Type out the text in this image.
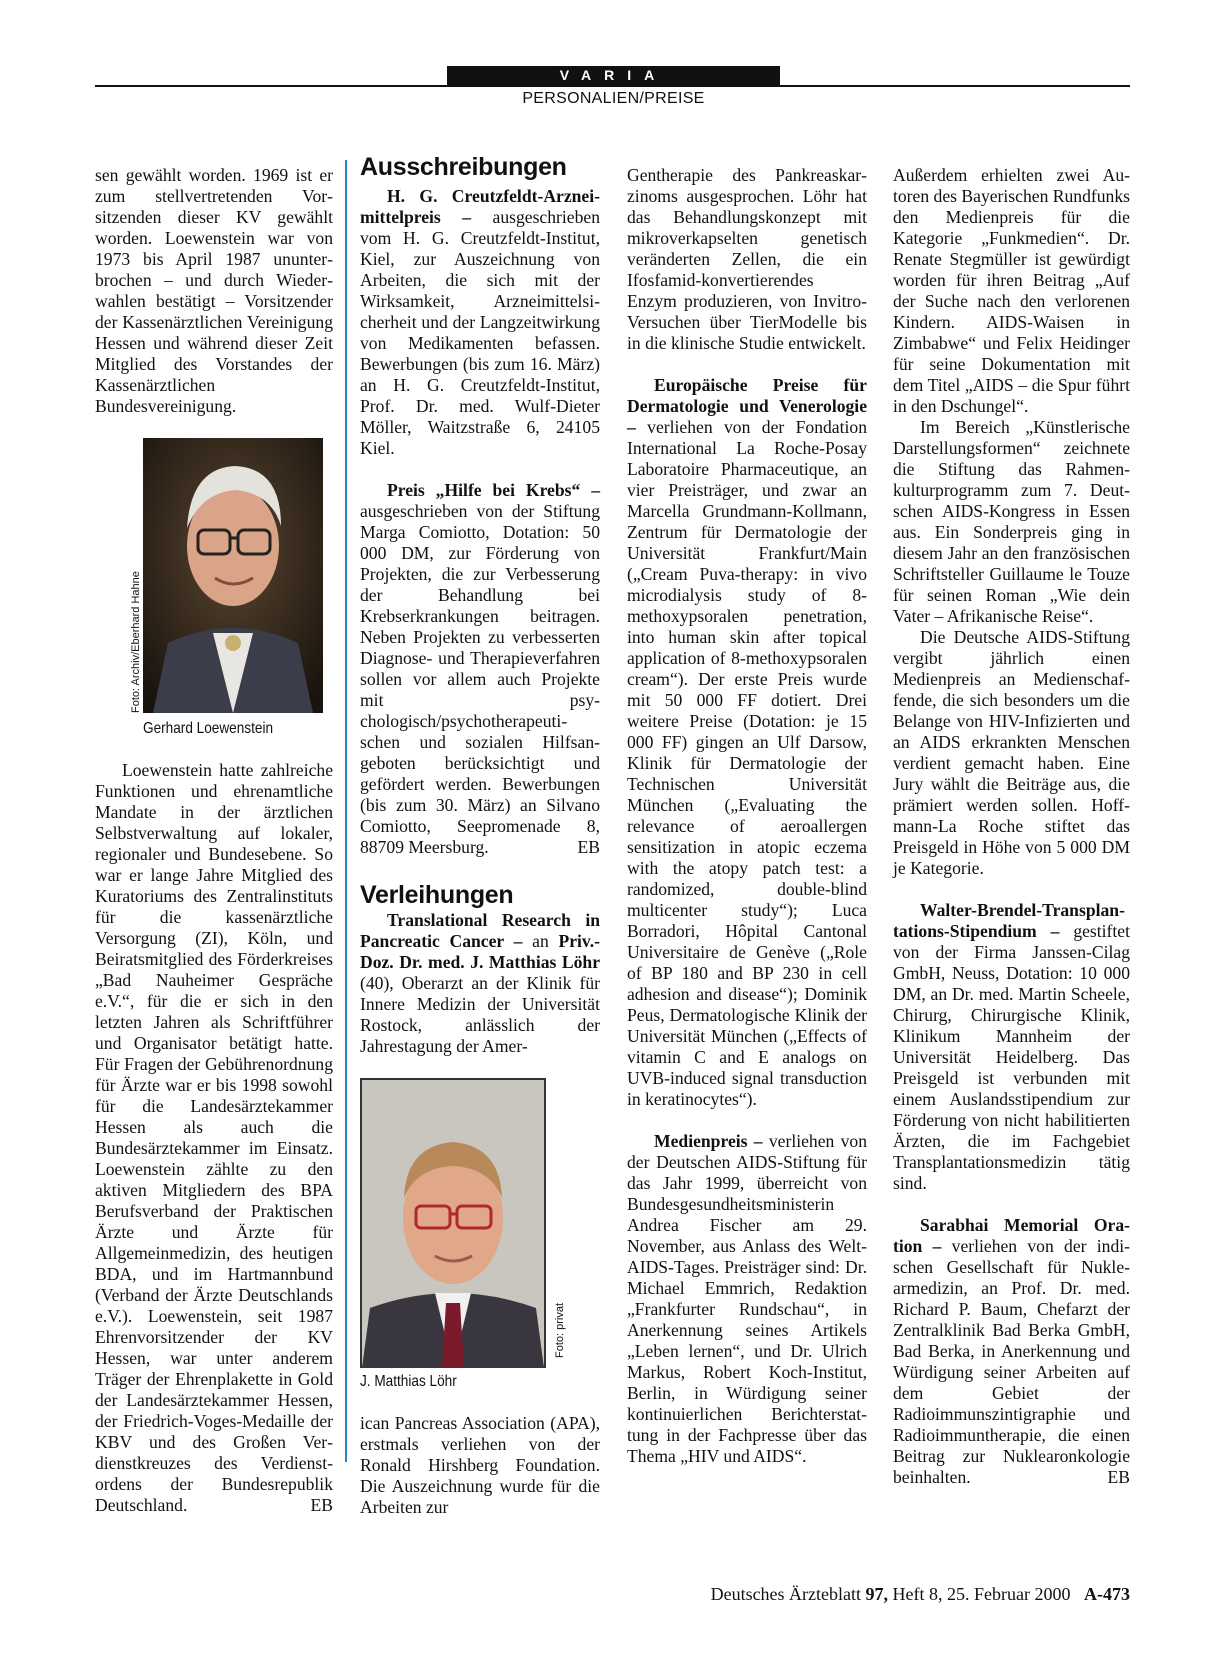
VARIA
PERSONALIEN/PREISE

sen gewählt worden. 1969 ist er zum stellvertretenden Vorsitzenden dieser KV gewählt worden. Loewenstein war von 1973 bis April 1987 ununterbrochen – und durch Wiederwahlen bestätigt – Vorsitzender der Kassenärztlichen Vereinigung Hessen und während dieser Zeit Mitglied des Vorstandes der Kassenärztlichen Bundesvereinigung.

Foto: Archiv/Eberhard Hahne
Gerhard Loewenstein

Loewenstein hatte zahlreiche Funktionen und ehrenamtliche Mandate in der ärztlichen Selbstverwaltung auf lokaler, regionaler und Bundesebene. So war er lange Jahre Mitglied des Kuratoriums des Zentralinstituts für die kassenärztliche Versorgung (ZI), Köln, und Beiratsmitglied des Förderkreises „Bad Nauheimer Gespräche e.V.“, für die er sich in den letzten Jahren als Schriftführer und Organisator betätigt hatte. Für Fragen der Gebührenordnung für Ärzte war er bis 1998 sowohl für die Landesärztekammer Hessen als auch die Bundesärztekammer im Einsatz. Loewenstein zählte zu den aktiven Mitgliedern des BPA Berufsverband der Praktischen Ärzte und Ärzte für Allgemeinmedizin, des heutigen BDA, und im Hartmannbund (Verband der Ärzte Deutschlands e.V.). Loewenstein, seit 1987 Ehrenvorsitzender der KV Hessen, war unter anderem Träger der Ehrenplakette in Gold der Landesärztekammer Hessen, der Friedrich-Voges-Medaille der KBV und des Großen Verdienstkreuzes des Verdienstordens der Bundesrepublik Deutschland.	EB

Ausschreibungen

H. G. Creutzfeldt-Arzneimittelpreis – ausgeschrieben vom H. G. Creutzfeldt-Institut, Kiel, zur Auszeichnung von Arbeiten, die sich mit der Wirksamkeit, Arzneimittelsicherheit und der Langzeitwirkung von Medikamenten befassen. Bewerbungen (bis zum 16. März) an H. G. Creutzfeldt-Institut, Prof. Dr. med. Wulf-Dieter Möller, Waitzstraße 6, 24105 Kiel.

Preis „Hilfe bei Krebs“ – ausgeschrieben von der Stiftung Marga Comiotto, Dotation: 50 000 DM, zur Förderung von Projekten, die zur Verbesserung der Behandlung bei Krebserkrankungen beitragen. Neben Projekten zu verbesserten Diagnose- und Therapieverfahren sollen vor allem auch Projekte mit psychologisch/psychotherapeutischen und sozialen Hilfsangeboten berücksichtigt und gefördert werden. Bewerbungen (bis zum 30. März) an Silvano Comiotto, Seepromenade 8, 88709 Meersburg.	EB

Verleihungen

Translational Research in Pancreatic Cancer – an Priv.-Doz. Dr. med. J. Matthias Löhr (40), Oberarzt an der Klinik für Innere Medizin der Universität Rostock, anlässlich der Jahrestagung der Amer-

Foto: privat
J. Matthias Löhr

ican Pancreas Association (APA), erstmals verliehen von der Ronald Hirshberg Foundation. Die Auszeichnung wurde für die Arbeiten zur

Gentherapie des Pankreaskarzinoms ausgesprochen. Löhr hat das Behandlungskonzept mit mikroverkapselten genetisch veränderten Zellen, die ein Ifosfamid-konvertierendes Enzym produzieren, von Invitro-Versuchen über TierModelle bis in die klinische Studie entwickelt.

Europäische Preise für Dermatologie und Venerologie – verliehen von der Fondation International La Roche-Posay Laboratoire Pharmaceutique, an vier Preisträger, und zwar an Marcella Grundmann-Kollmann, Zentrum für Dermatologie der Universität Frankfurt/Main („Cream Puva-therapy: in vivo microdialysis study of 8-methoxypsoralen penetration, into human skin after topical application of 8-methoxypsoralen cream“). Der erste Preis wurde mit 50 000 FF dotiert. Drei weitere Preise (Dotation: je 15 000 FF) gingen an Ulf Darsow, Klinik für Dermatologie der Technischen Universität München („Evaluating the relevance of aeroallergen sensitization in atopic eczema with the atopy patch test: a randomized, double-blind multicenter study“); Luca Borradori, Hôpital Cantonal Universitaire de Genève („Role of BP 180 and BP 230 in cell adhesion and disease“); Dominik Peus, Dermatologische Klinik der Universität München („Effects of vitamin C and E analogs on UVB-induced signal transduction in keratinocytes“).

Medienpreis – verliehen von der Deutschen AIDS-Stiftung für das Jahr 1999, überreicht von Bundesgesundheitsministerin Andrea Fischer am 29. November, aus Anlass des Welt-AIDS-Tages. Preisträger sind: Dr. Michael Emmrich, Redaktion „Frankfurter Rundschau“, in Anerkennung seines Artikels „Leben lernen“, und Dr. Ulrich Markus, Robert Koch-Institut, Berlin, in Würdigung seiner kontinuierlichen Berichterstattung in der Fachpresse über das Thema „HIV und AIDS“.

Außerdem erhielten zwei Autoren des Bayerischen Rundfunks den Medienpreis für die Kategorie „Funkmedien“. Dr. Renate Stegmüller ist gewürdigt worden für ihren Beitrag „Auf der Suche nach den verlorenen Kindern. AIDS-Waisen in Zimbabwe“ und Felix Heidinger für seine Dokumentation mit dem Titel „AIDS – die Spur führt in den Dschungel“.

Im Bereich „Künstlerische Darstellungsformen“ zeichnete die Stiftung das Rahmenkulturprogramm zum 7. Deutschen AIDS-Kongress in Essen aus. Ein Sonderpreis ging in diesem Jahr an den französischen Schriftsteller Guillaume le Touze für seinen Roman „Wie dein Vater – Afrikanische Reise“.

Die Deutsche AIDS-Stiftung vergibt jährlich einen Medienpreis an Medienschaffende, die sich besonders um die Belange von HIV-Infizierten und an AIDS erkrankten Menschen verdient gemacht haben. Eine Jury wählt die Beiträge aus, die prämiert werden sollen. Hoffmann-La Roche stiftet das Preisgeld in Höhe von 5 000 DM je Kategorie.

Walter-Brendel-Transplantations-Stipendium – gestiftet von der Firma Janssen-Cilag GmbH, Neuss, Dotation: 10 000 DM, an Dr. med. Martin Scheele, Chirurg, Chirurgische Klinik, Klinikum Mannheim der Universität Heidelberg. Das Preisgeld ist verbunden mit einem Auslandsstipendium zur Förderung von nicht habilitierten Ärzten, die im Fachgebiet Transplantationsmedizin tätig sind.

Sarabhai Memorial Oration – verliehen von der indischen Gesellschaft für Nuklearmedizin, an Prof. Dr. med. Richard P. Baum, Chefarzt der Zentralklinik Bad Berka GmbH, Bad Berka, in Anerkennung und Würdigung seiner Arbeiten auf dem Gebiet der Radioimmunszintigraphie und Radioimmuntherapie, die einen Beitrag zur Nuklearonkologie beinhalten.	EB

Deutsches Ärzteblatt 97, Heft 8, 25. Februar 2000 A-473
